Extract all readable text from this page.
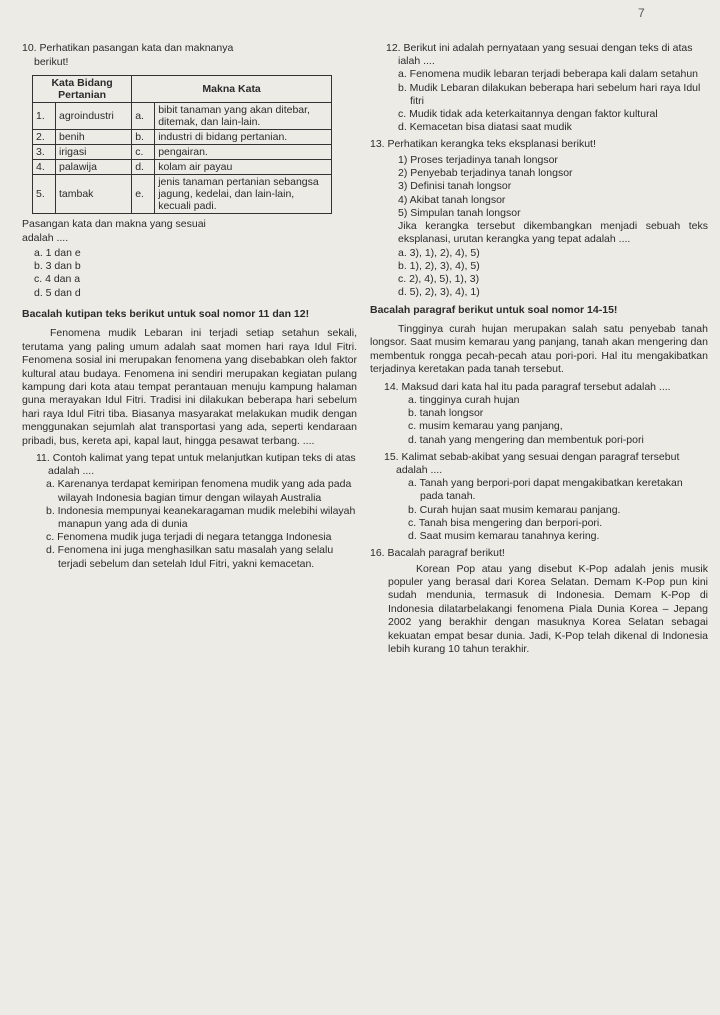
7
10. Perhatikan pasangan kata dan maknanya
berikut!
Kata Bidang Pertanian		Makna Kata	
1.	agroindustri	a.	bibit tanaman yang akan ditebar, ditemak, dan lain-lain.
2.	benih	b.	industri di bidang pertanian.
3.	irigasi	c.	pengairan.
4.	palawija	d.	kolam air payau
5.	tambak	e.	jenis tanaman pertanian sebangsa jagung, kedelai, dan lain-lain, kecuali padi.
Pasangan kata dan makna yang sesuai
adalah ....
a. 1 dan e
b. 3 dan b
c. 4 dan a
d. 5 dan d
Bacalah kutipan teks berikut untuk soal nomor 11 dan 12!
Fenomena mudik Lebaran ini terjadi setiap setahun sekali, terutama yang paling umum adalah saat momen hari raya Idul Fitri. Fenomena sosial ini merupakan fenomena yang disebabkan oleh faktor kultural atau budaya. Fenomena ini sendiri merupakan kegiatan pulang kampung dari kota atau tempat perantauan menuju kampung halaman guna merayakan Idul Fitri. Tradisi ini dilakukan beberapa hari sebelum hari raya Idul Fitri tiba. Biasanya masyarakat melakukan mudik dengan menggunakan sejumlah alat transportasi yang ada, seperti kendaraan pribadi, bus, kereta api, kapal laut, hingga pesawat terbang. ....
11. Contoh kalimat yang tepat untuk melanjutkan kutipan teks di atas adalah ....
a. Karenanya terdapat kemiripan fenomena mudik yang ada pada wilayah Indonesia bagian timur dengan wilayah Australia
b. Indonesia mempunyai keanekaragaman mudik melebihi wilayah manapun yang ada di dunia
c. Fenomena mudik juga terjadi di negara tetangga Indonesia
d. Fenomena ini juga menghasilkan satu masalah yang selalu terjadi sebelum dan setelah Idul Fitri, yakni kemacetan.
12. Berikut ini adalah pernyataan yang sesuai dengan teks di atas ialah ....
a. Fenomena mudik lebaran terjadi beberapa kali dalam setahun
b. Mudik Lebaran dilakukan beberapa hari sebelum hari raya Idul fitri
c. Mudik tidak ada keterkaitannya dengan faktor kultural
d. Kemacetan bisa diatasi saat mudik
13. Perhatikan kerangka teks eksplanasi berikut!
1) Proses terjadinya tanah longsor
2) Penyebab terjadinya tanah longsor
3) Definisi tanah longsor
4) Akibat tanah longsor
5) Simpulan tanah longsor
Jika kerangka tersebut dikembangkan menjadi sebuah teks eksplanasi, urutan kerangka yang tepat adalah ....
a. 3), 1), 2), 4), 5)
b. 1), 2), 3), 4), 5)
c. 2), 4), 5), 1), 3)
d. 5), 2), 3), 4), 1)
Bacalah paragraf berikut untuk soal nomor 14-15!
Tingginya curah hujan merupakan salah satu penyebab tanah longsor. Saat musim kemarau yang panjang, tanah akan mengering dan membentuk rongga pecah-pecah atau pori-pori. Hal itu mengakibatkan terjadinya keretakan pada tanah tersebut.
14. Maksud dari kata hal itu pada paragraf tersebut adalah ....
a. tingginya curah hujan
b. tanah longsor
c. musim kemarau yang panjang,
d. tanah yang mengering dan membentuk pori-pori
15. Kalimat sebab-akibat yang sesuai dengan paragraf tersebut adalah ....
a. Tanah yang berpori-pori dapat mengakibatkan keretakan pada tanah.
b. Curah hujan saat musim kemarau panjang.
c. Tanah bisa mengering dan berpori-pori.
d. Saat musim kemarau tanahnya kering.
16. Bacalah paragraf berikut!
Korean Pop atau yang disebut K-Pop adalah jenis musik populer yang berasal dari Korea Selatan. Demam K-Pop pun kini sudah mendunia, termasuk di Indonesia. Demam K-Pop di Indonesia dilatarbelakangi fenomena Piala Dunia Korea – Jepang 2002 yang berakhir dengan masuknya Korea Selatan sebagai kekuatan empat besar dunia. Jadi, K-Pop telah dikenal di Indonesia lebih kurang 10 tahun terakhir.
